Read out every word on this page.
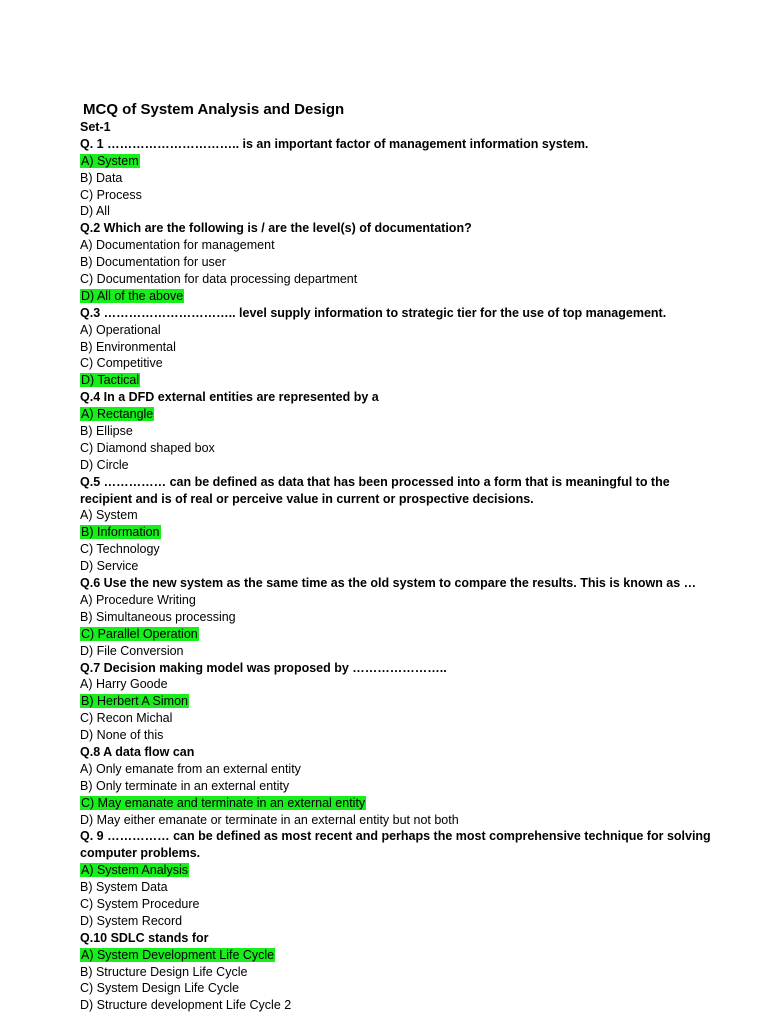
MCQ of System Analysis and Design
Set-1
Q. 1 ………………………….. is an important factor of management information system.
A) System
B) Data
C) Process
D) All
Q.2 Which are the following is / are the level(s) of documentation?
A) Documentation for management
B) Documentation for user
C) Documentation for data processing department
D) All of the above
Q.3 ………………………….. level supply information to strategic tier for the use of top management.
A) Operational
B) Environmental
C) Competitive
D) Tactical
Q.4 In a DFD external entities are represented by a
A) Rectangle
B) Ellipse
C) Diamond shaped box
D) Circle
Q.5 …………… can be defined as data that has been processed into a form that is meaningful to the
recipient and is of real or perceive value in current or prospective decisions.
A) System
B) Information
C) Technology
D) Service
Q.6 Use the new system as the same time as the old system to compare the results. This is known as …
A) Procedure Writing
B) Simultaneous processing
C) Parallel Operation
D) File Conversion
Q.7 Decision making model was proposed by …………………..
A) Harry Goode
B) Herbert A Simon
C) Recon Michal
D) None of this
Q.8 A data flow can
A) Only emanate from an external entity
B) Only terminate in an external entity
C) May emanate and terminate in an external entity
D) May either emanate or terminate in an external entity but not both
Q. 9 …………… can be defined as most recent and perhaps the most comprehensive technique for solving
computer problems.
A) System Analysis
B) System Data
C) System Procedure
D) System Record
Q.10 SDLC stands for
A) System Development Life Cycle
B) Structure Design Life Cycle
C) System Design Life Cycle
D) Structure development Life Cycle 2
